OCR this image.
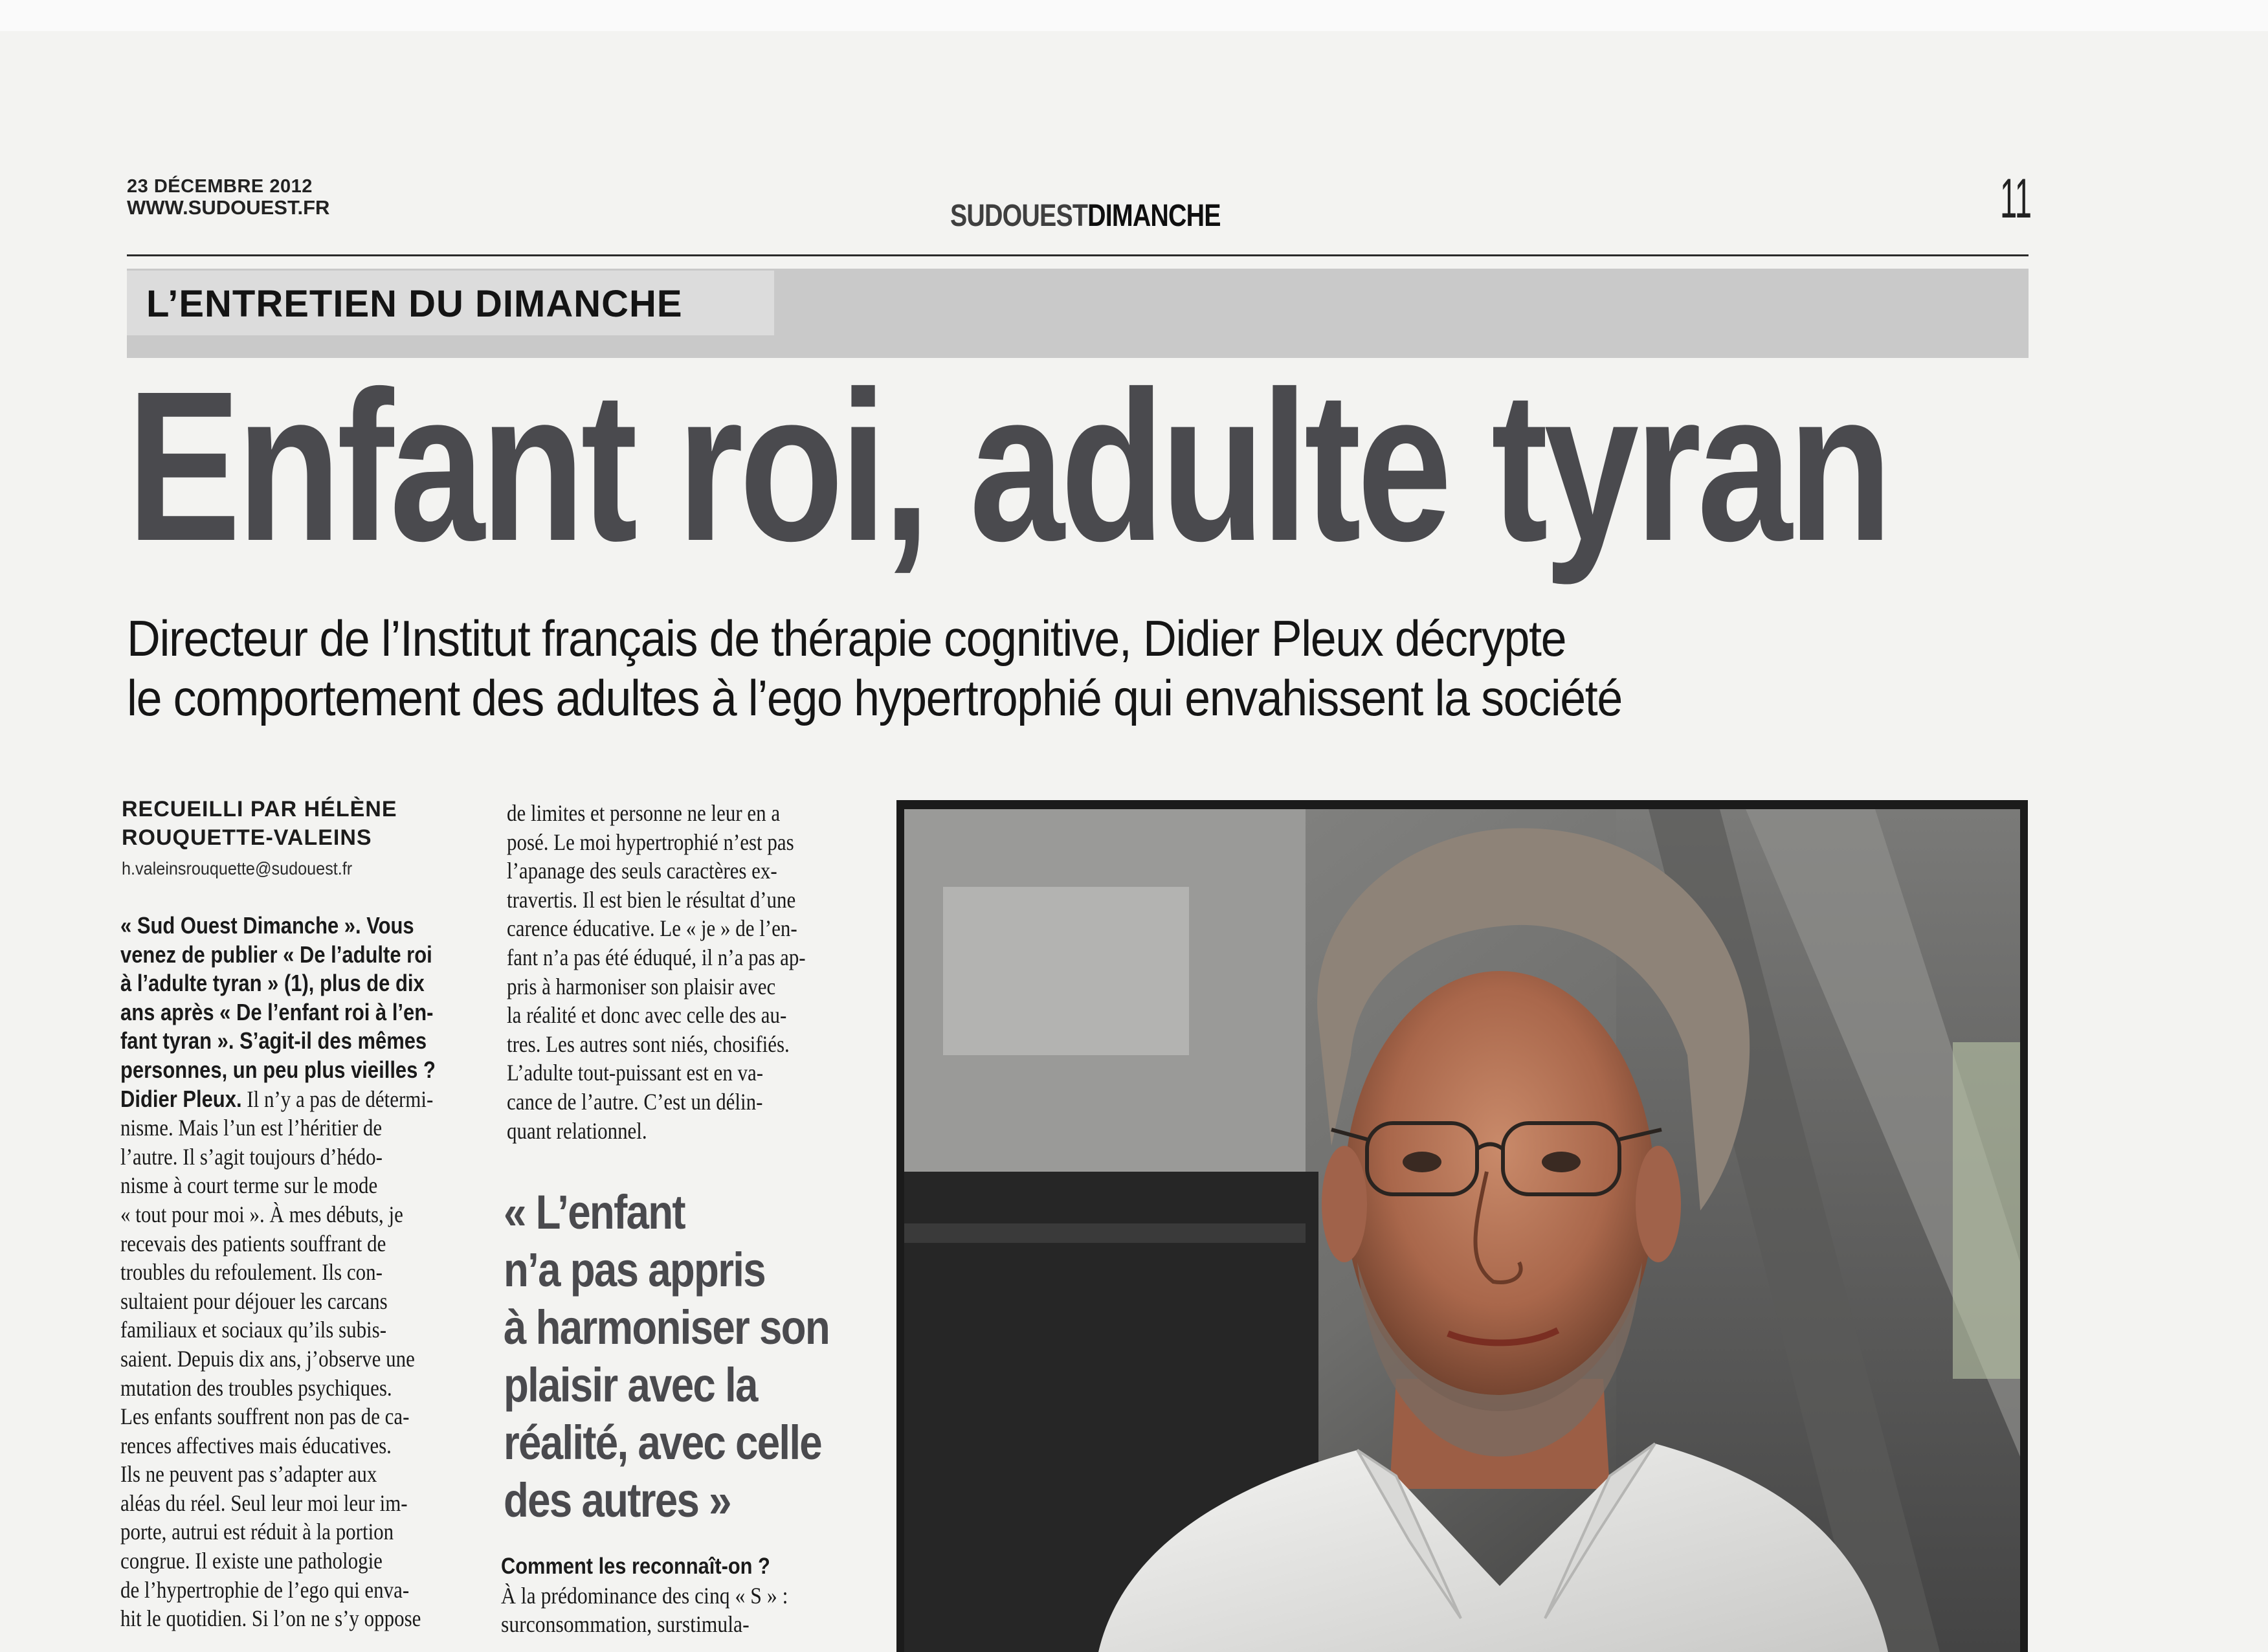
23 DÉCEMBRE 2012
WWW.SUDOUEST.FR	SUDOUESTDIMANCHE	11
L’ENTRETIEN DU DIMANCHE
Enfant roi, adulte tyran
Directeur de l’Institut français de thérapie cognitive, Didier Pleux décrypte
le comportement des adultes à l’ego hypertrophié qui envahissent la société
RECUEILLI PAR HÉLÈNE
ROUQUETTE-VALEINS
h.valeinsrouquette@sudouest.fr
« Sud Ouest Dimanche ». Vous
venez de publier « De l’adulte roi
à l’adulte tyran » (1), plus de dix
ans après « De l’enfant roi à l’en-
fant tyran ». S’agit-il des mêmes
personnes, un peu plus vieilles ?
Didier Pleux. Il n’y a pas de détermi-
nisme. Mais l’un est l’héritier de
l’autre. Il s’agit toujours d’hédo-
nisme à court terme sur le mode
« tout pour moi ». À mes débuts, je
recevais des patients souffrant de
troubles du refoulement. Ils con-
sultaient pour déjouer les carcans
familiaux et sociaux qu’ils subis-
saient. Depuis dix ans, j’observe une
mutation des troubles psychiques.
Les enfants souffrent non pas de ca-
rences affectives mais éducatives.
Ils ne peuvent pas s’adapter aux
aléas du réel. Seul leur moi leur im-
porte, autrui est réduit à la portion
congrue. Il existe une pathologie
de l’hypertrophie de l’ego qui enva-
hit le quotidien. Si l’on ne s’y oppose
de limites et personne ne leur en a
posé. Le moi hypertrophié n’est pas
l’apanage des seuls caractères ex-
travertis. Il est bien le résultat d’une
carence éducative. Le « je » de l’en-
fant n’a pas été éduqué, il n’a pas ap-
pris à harmoniser son plaisir avec
la réalité et donc avec celle des au-
tres. Les autres sont niés, chosifiés.
L’adulte tout-puissant est en va-
cance de l’autre. C’est un délin-
quant relationnel.
« L’enfant
n’a pas appris
à harmoniser son
plaisir avec la
réalité, avec celle
des autres »
Comment les reconnaît-on ?
À la prédominance des cinq « S » :
surconsommation, surstimula-
